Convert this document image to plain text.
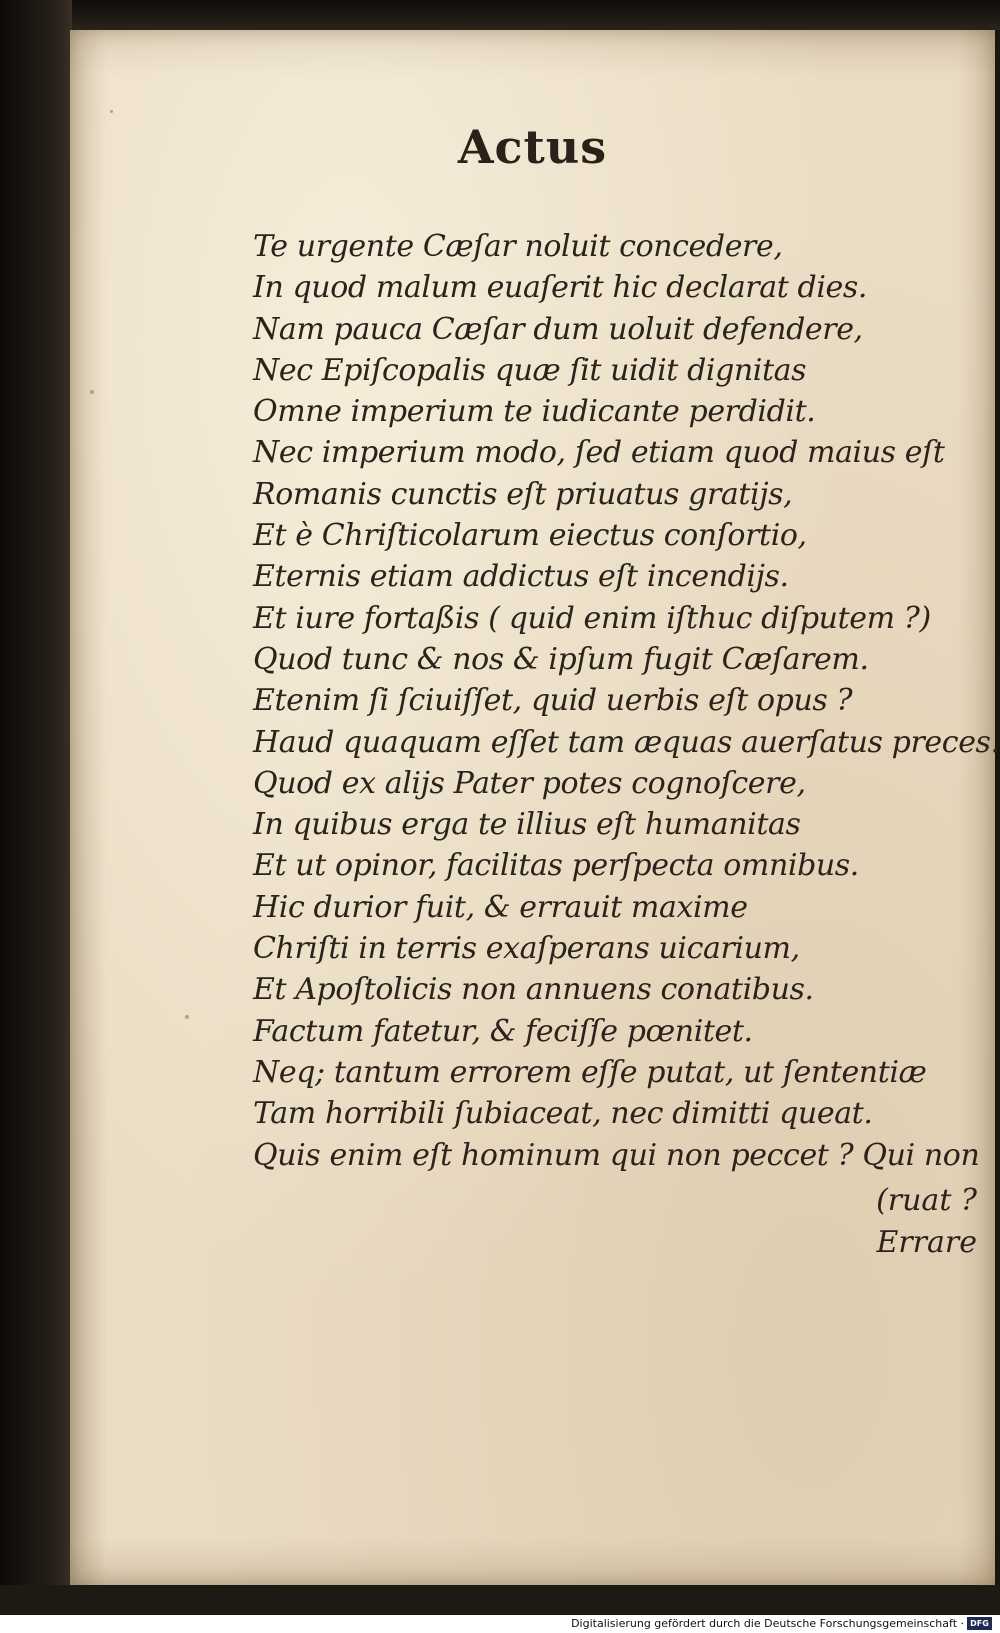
Actus
Te urgente Cæſar noluit concedere,
In quod malum euaſerit hic declarat dies.
Nam pauca Cæſar dum uoluit defendere,
Nec Epiſcopalis quæ ſit uidit dignitas
Omne imperium te iudicante perdidit.
Nec imperium modo, ſed etiam quod maius eſt
Romanis cunctis eſt priuatus gratijs,
Et è Chriſticolarum eiectus conſortio,
Eternis etiam addictus eſt incendijs.
Et iure fortaßis ( quid enim iſthuc diſputem ?)
Quod tunc & nos & ipſum fugit Cæſarem.
Etenim ſi ſciuiſſet, quid uerbis eſt opus ?
Haud quaquam eſſet tam æquas auerſatus preces.
Quod ex alijs Pater potes cognoſcere,
In quibus erga te illius eſt humanitas
Et ut opinor, facilitas perſpecta omnibus.
Hic durior fuit, & errauit maxime
Chriſti in terris exaſperans uicarium,
Et Apoſtolicis non annuens conatibus.
Factum fatetur, & feciſſe pœnitet.
Neq; tantum errorem eſſe putat, ut ſententiæ
Tam horribili ſubiaceat, nec dimitti queat.
Quis enim eſt hominum qui non peccet ? Qui non
(ruat ?
Errare
Digitalisierung gefördert durch die Deutsche Forschungsgemeinschaft · DFG
